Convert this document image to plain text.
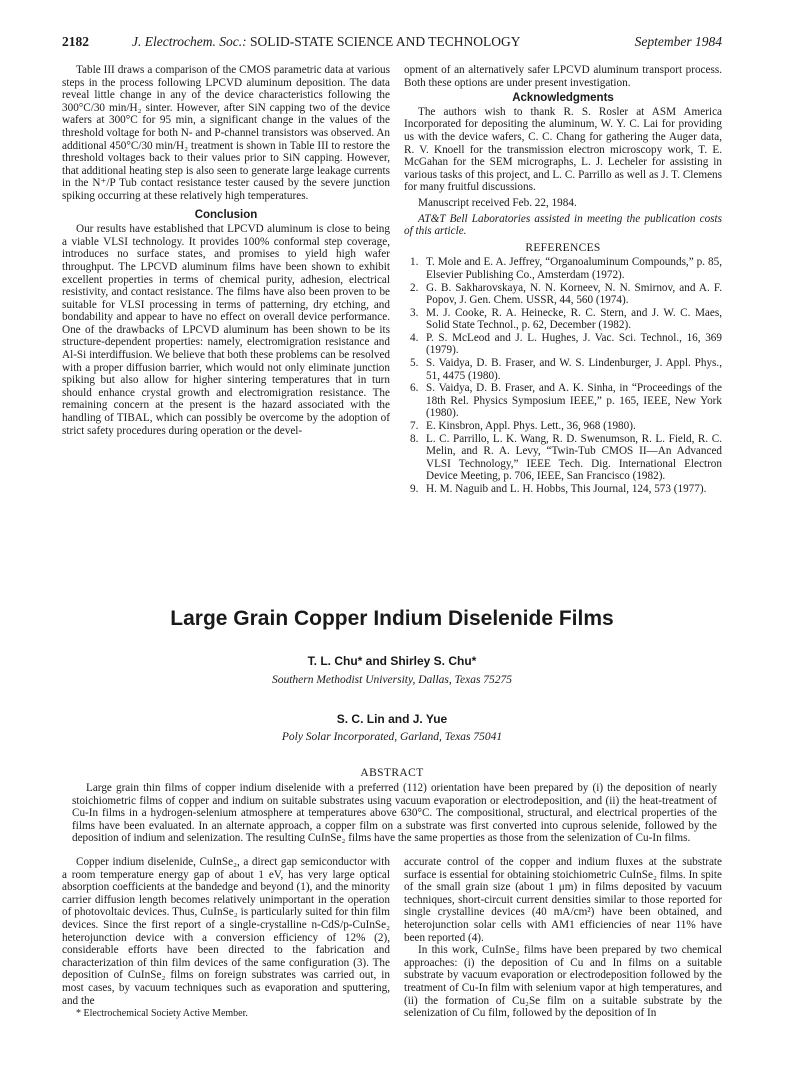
2182	J. Electrochem. Soc.: SOLID-STATE SCIENCE AND TECHNOLOGY	September 1984

Table III draws a comparison of the CMOS parametric data at various steps in the process following LPCVD aluminum deposition. The data reveal little change in any of the device characteristics following the 300°C/30 min/H₂ sinter. However, after SiN capping two of the device wafers at 300°C for 95 min, a significant change in the values of the threshold voltage for both N- and P-channel transistors was observed. An additional 450°C/30 min/H₂ treatment is shown in Table III to restore the threshold voltages back to their values prior to SiN capping. However, that additional heating step is also seen to generate large leakage currents in the N⁺/P Tub contact resistance tester caused by the severe junction spiking occurring at these relatively high temperatures.

Conclusion

Our results have established that LPCVD aluminum is close to being a viable VLSI technology. It provides 100% conformal step coverage, introduces no surface states, and promises to yield high wafer throughput. The LPCVD aluminum films have been shown to exhibit excellent properties in terms of chemical purity, adhesion, electrical resistivity, and contact resistance. The films have also been proven to be suitable for VLSI processing in terms of patterning, dry etching, and bondability and appear to have no effect on overall device performance. One of the drawbacks of LPCVD aluminum has been shown to be its structure-dependent properties: namely, electromigration resistance and Al-Si interdiffusion. We believe that both these problems can be resolved with a proper diffusion barrier, which would not only eliminate junction spiking but also allow for higher sintering temperatures that in turn should enhance crystal growth and electromigration resistance. The remaining concern at the present is the hazard associated with the handling of TIBAL, which can possibly be overcome by the adoption of strict safety procedures during operation or the devel-

opment of an alternatively safer LPCVD aluminum transport process. Both these options are under present investigation.

Acknowledgments

The authors wish to thank R. S. Rosler at ASM America Incorporated for depositing the aluminum, W. Y. C. Lai for providing us with the device wafers, C. C. Chang for gathering the Auger data, R. V. Knoell for the transmission electron microscopy work, T. E. McGahan for the SEM micrographs, L. J. Lecheler for assisting in various tasks of this project, and L. C. Parrillo as well as J. T. Clemens for many fruitful discussions.

Manuscript received Feb. 22, 1984.

AT&T Bell Laboratories assisted in meeting the publication costs of this article.

REFERENCES
1. T. Mole and E. A. Jeffrey, “Organoaluminum Compounds,” p. 85, Elsevier Publishing Co., Amsterdam (1972).
2. G. B. Sakharovskaya, N. N. Korneev, N. N. Smirnov, and A. F. Popov, J. Gen. Chem. USSR, 44, 560 (1974).
3. M. J. Cooke, R. A. Heinecke, R. C. Stern, and J. W. C. Maes, Solid State Technol., p. 62, December (1982).
4. P. S. McLeod and J. L. Hughes, J. Vac. Sci. Technol., 16, 369 (1979).
5. S. Vaidya, D. B. Fraser, and W. S. Lindenburger, J. Appl. Phys., 51, 4475 (1980).
6. S. Vaidya, D. B. Fraser, and A. K. Sinha, in “Proceedings of the 18th Rel. Physics Symposium IEEE,” p. 165, IEEE, New York (1980).
7. E. Kinsbron, Appl. Phys. Lett., 36, 968 (1980).
8. L. C. Parrillo, L. K. Wang, R. D. Swenumson, R. L. Field, R. C. Melin, and R. A. Levy, “Twin-Tub CMOS II—An Advanced VLSI Technology,” IEEE Tech. Dig. International Electron Device Meeting, p. 706, IEEE, San Francisco (1982).
9. H. M. Naguib and L. H. Hobbs, This Journal, 124, 573 (1977).
Large Grain Copper Indium Diselenide Films
T. L. Chu* and Shirley S. Chu*
Southern Methodist University, Dallas, Texas 75275
S. C. Lin and J. Yue
Poly Solar Incorporated, Garland, Texas 75041
ABSTRACT

Large grain thin films of copper indium diselenide with a preferred (112) orientation have been prepared by (i) the deposition of nearly stoichiometric films of copper and indium on suitable substrates using vacuum evaporation or electrodeposition, and (ii) the heat-treatment of Cu-In films in a hydrogen-selenium atmosphere at temperatures above 630°C. The compositional, structural, and electrical properties of the films have been evaluated. In an alternate approach, a copper film on a substrate was first converted into cuprous selenide, followed by the deposition of indium and selenization. The resulting CuInSe₂ films have the same properties as those from the selenization of Cu-In films.

Copper indium diselenide, CuInSe₂, a direct gap semiconductor with a room temperature energy gap of about 1 eV, has very large optical absorption coefficients at the bandedge and beyond (1), and the minority carrier diffusion length becomes relatively unimportant in the operation of photovoltaic devices. Thus, CuInSe₂ is particularly suited for thin film devices. Since the first report of a single-crystalline n-CdS/p-CuInSe₂ heterojunction device with a conversion efficiency of 12% (2), considerable efforts have been directed to the fabrication and characterization of thin film devices of the same configuration (3). The deposition of CuInSe₂ films on foreign substrates was carried out, in most cases, by vacuum techniques such as evaporation and sputtering, and the

* Electrochemical Society Active Member.

accurate control of the copper and indium fluxes at the substrate surface is essential for obtaining stoichiometric CuInSe₂ films. In spite of the small grain size (about 1 μm) in films deposited by vacuum techniques, short-circuit current densities similar to those reported for single crystalline devices (40 mA/cm²) have been obtained, and heterojunction solar cells with AM1 efficiencies of near 11% have been reported (4).

In this work, CuInSe₂ films have been prepared by two chemical approaches: (i) the deposition of Cu and In films on a suitable substrate by vacuum evaporation or electrodeposition followed by the treatment of Cu-In film with selenium vapor at high temperatures, and (ii) the formation of Cu₂Se film on a suitable substrate by the selenization of Cu film, followed by the deposition of In
